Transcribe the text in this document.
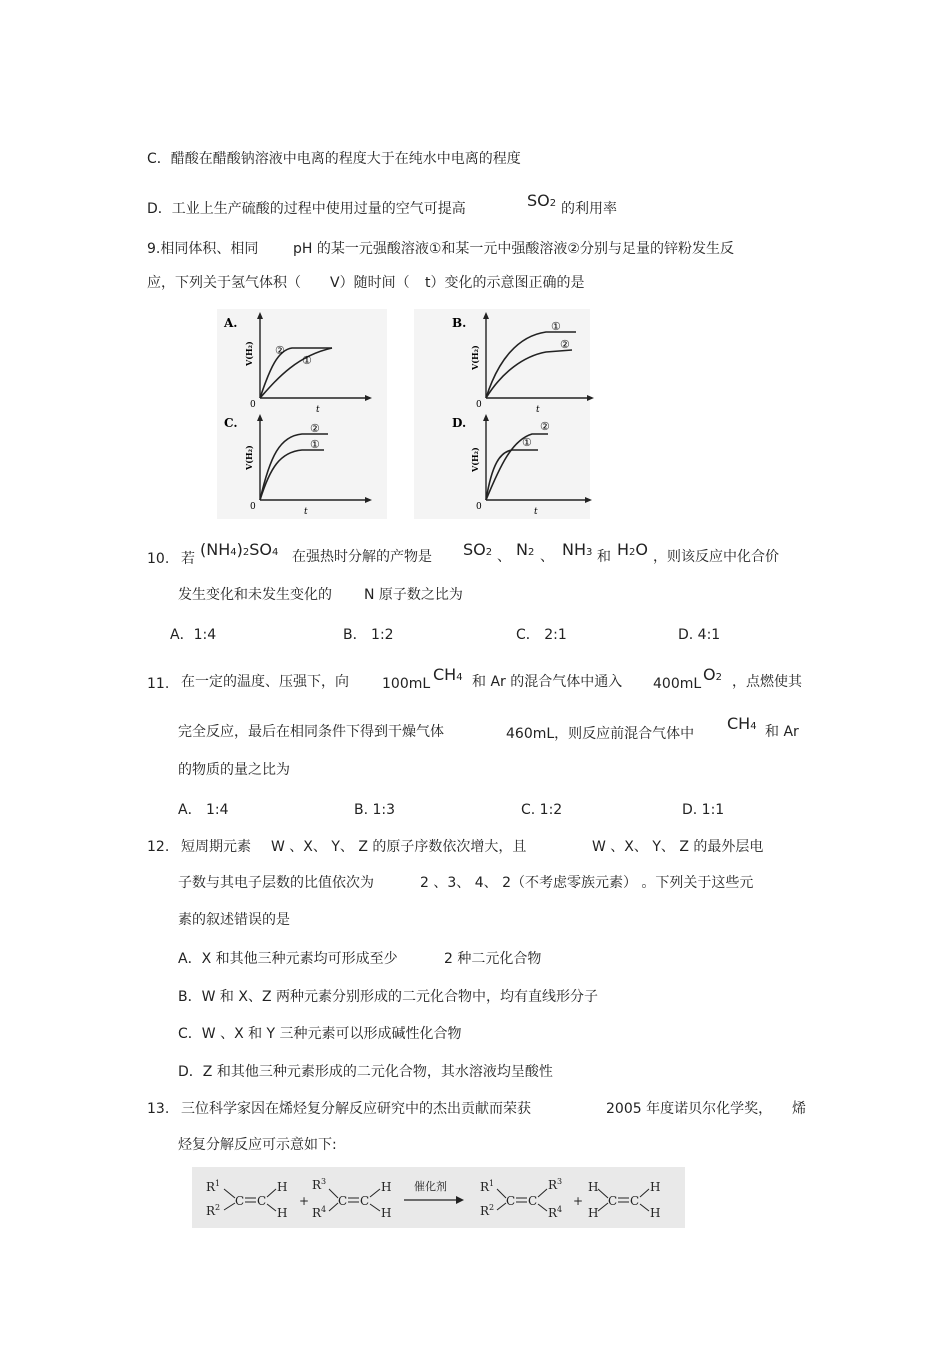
C．醋酸在醋酸钠溶液中电离的程度大于在纯水中电离的程度
D．工业上生产硫酸的过程中使用过量的空气可提高	SO2 的利用率
9.相同体积、相同 pH 的某一元强酸溶液①和某一元中强酸溶液②分别与足量的锌粉发生反
应，下列关于氢气体积（ V）随时间（ t）变化的示意图正确的是
A.
0	t
V(H₂) ②
①
B.
0	t
V(H₂)
①
②
C.
0	t
V(H₂)
②
①
D.
0	t
V(H₂)
②
①
10. 若 (NH4)2SO4 在强热时分解的产物是 SO2 、 N2 、 NH3 和 H2O ，则该反应中化合价
发生变化和未发生变化的 N 原子数之比为
A．1:4	B． 1:2	C． 2:1	D. 4:1
11. 在一定的温度、压强下，向 100mL CH4 和 Ar 的混合气体中通入 400mL O2 ，点燃使其
完全反应，最后在相同条件下得到干燥气体	460mL，则反应前混合气体中
CH4 和 Ar
的物质的量之比为
A． 1:4	B. 1:3	C. 1:2	D. 1:1
12. 短周期元素 W 、X、 Y、 Z 的原子序数依次增大，且	W 、X、 Y、 Z 的最外层电
子数与其电子层数的比值依次为	2 、3、 4、 2（不考虑零族元素） 。下列关于这些元
素的叙述错误的是
A．X 和其他三种元素均可形成至少	2 种二元化合物
B．W 和 X、Z 两种元素分别形成的二元化合物中，均有直线形分子
C．W 、X 和 Y 三种元素可以形成碱性化合物
D．Z 和其他三种元素形成的二元化合物，其水溶液均呈酸性
13. 三位科学家因在烯烃复分解反应研究中的杰出贡献而荣获	2005 年度诺贝尔化学奖， 烯
烃复分解反应可示意如下:
$R^1$
$R^2$ C C
H
H
+
$R^3$
$R^4$
C C
H
H
催化剂	$R^1$
$R^2$ C C
$R^3$
$R^4$
+
H
H
C C
H
H
